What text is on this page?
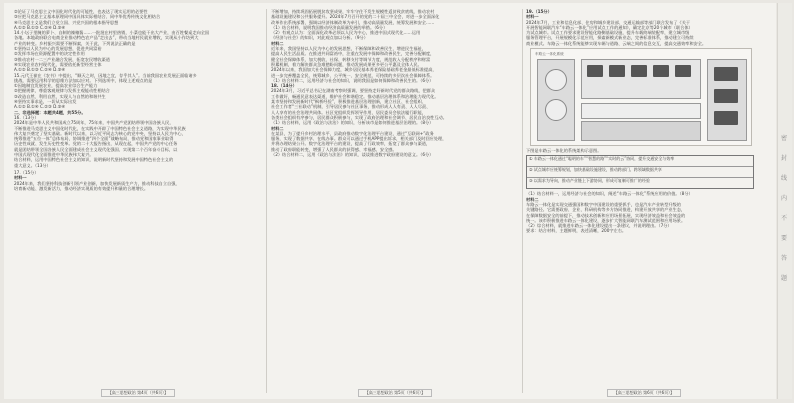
②论证了马克思主义中国化时代化的可能性，也表达了现实运用的必要性
③应把马克思主义基本原理同中国具体实际相结合、同中华优秀传统文化相结合
④马克思主义是我们立党立国、兴党兴国的根本指导思想
A.①② B.①③ C.②④ D.③④
14.小坛子里腌的萝卜、自制的辣椒酱……一批批在村里热销，小菜也能干出大产业，由百姓餐桌走向全国
各地。本地政府联合电商企业推动特色农产品“走出去”，带动当地村民就业增收，实现从小作坊到大
产业的转变。乡村振兴需要不断探索，关于此，下列说法正确的是
①坚持以人民为中心的发展思想，促进共同富裕
②发挥市场在资源配置中的决定性作用
③推动农村一二三产业融合发展，拓宽农民增收渠道
④实现农业农村现代化，需要依托新型经营主体
A.①② B.①③ C.②④ D.③④
15.元代王祯在《农书》中提出，“顺天之时，因地之宜，存乎其人”。当前我国农业发展正面临诸多
挑战，需要运用科学的思维方法加以应对。下列选项中，体现上述观点的是
①因地制宜发展农业，提高农业综合生产能力
②把握规律，尊重客观规律与发挥主观能动性相结合
③改造自然、利用自然，实现人与自然的和谐共生
④坚持实事求是，一切从实际出发
A.①② B.①④ C.②③ D.③④
二、非选择题：本题共4题，共55分。
16.（13分）
2024年是中华人民共和国成立75周年，75年来，中国共产党团结带领中国各族人民，
不断推进马克思主义中国化时代化，在实践中开辟了中国特色社会主义道路，为实现中华民族
伟大复兴奠定了坚实基础。新时代以来，以习近平同志为核心的党中央，坚持以人民为中心，
统筹推进“五位一体”总体布局，协调推进“四个全面”战略布局，推动党和国家事业取得
历史性成就、发生历史性变革。党的二十大报告指出，从现在起，中国共产党的中心任务
就是团结带领全国各族人民全面建成社会主义现代化强国、实现第二个百年奋斗目标，以
中国式现代化全面推进中华民族伟大复兴。
结合材料，运用中国特色社会主义的知识，说明新时代坚持和发展中国特色社会主义的
重大意义。（13分）
17.（15分）
材料一
2024年来，我们坚持科技创新引领产业创新，加快发展新质生产力，推动科技自立自强，
培育新动能、激发新活力，推动经济实现质的有效提升和量的合理增长。
不断增加，持续巩固拓展脱贫攻坚成果，牢牢守住不发生规模性返贫致贫底线，推动农村
基础设施建设和公共服务提升。2024年7月召开的党的二十届三中全会，对进一步全面深化
改革作出系统部署，强调以经济体制改革为牵引，推动高质量发展，统筹发展和安全……
（1）结合材料，说明我国推动经济高质量发展的举措。（6分）
（2）有观点认为：全面深化改革必须以人民为中心，推进中国式现代化……运用
《经济与社会》的知识，对此观点加以分析。（9分）
材料二
近年来，我国坚持以人民为中心的发展思想，不断保障和改善民生，增进民生福祉，
提高人民生活品质。在推进共同富裕中，注重在发展中保障和改善民生，完善分配制度，
健全社会保障体系，加大税收、社保、转移支付等调节力度，规范收入分配秩序和财富
积累机制，着力解决群众急难愁盼问题，推动发展成果更多更公平惠及全体人民。
2024年以来，我国加大社会保障力度，城乡居民基本养老保险基础养老金最低标准提高，
进一步完善覆盖全民、统筹城乡、公平统一、安全规范、可持续的多层次社会保障体系。
（1）结合材料二，运用经济与社会的知识，说明我国是如何保障和改善民生的。（6分）
18.（14分）
2024年3月，习近平总书记在湖南考察时强调，要坚持走好新时代党的群众路线，把群众
工作做好，畅通民意表达渠道，维护社会和谐稳定。推动基层治理体系和治理能力现代化。
某市坚持和发展新时代“枫桥经验”，积极推进基层治理创新，建立社区、社会组织、
社会工作者“三社联动”机制，引导居民参与社区事务，推动形成人人有责、人人尽责、
人人享有的社会治理共同体。社区党组织发挥领导作用，居民委员会依法履行职能，
各类社会组织有序参与，居民群众积极参与，实现了政府治理和社会调节、居民自治良性互动。
（1）结合材料，运用《政治与法治》的知识，分析该市是如何推进基层治理的。（8分）
材料二
在某县，为了提升乡村治理水平，县政府推动数字化治理平台建设，通过“互联网+”政务
服务，实现了数据共享、在线办事。群众可以通过手机APP提出诉求，相关部门及时回应处理，
并将办理结果公开。数字化治理平台的建设，提高了行政效率，拓宽了群众参与渠道，
推动了政府职能转变，增强了人民群众的获得感、幸福感、安全感。
（2）结合材料二，运用《政治与法治》的知识，谈谈推进数字政府建设的意义。（6分）
19.（15分）
材料一
2024年7月，工业和信息化部、住房和城乡建设部、交通运输部等部门联合发布了《关于
开展智能网联汽车“车路云一体化”应用试点工作的通知》，确定北京等20个城市（联合体）
为试点城市。试点工作要求建设智能化路侧基础设施，提升车载终端装配率，建立城市级
服务管理平台，开展规模化示范应用，探索新模式新业态，完善标准体系，推动建立可持续
商业模式。车路云一体化系统能够实现车辆与道路、云端之间的信息交互，提高交通效率和安全。
车路云一体化系统
下图是车路云一体化的系统架构示意图。
① 车路云一体化通过“聪明的车”“智慧的路”“实时的云”协同，提升交通安全与效率
② 试点城市应统筹规划，加快基础设施建设，推动跨部门、跨领域数据共享
③ 以需求为导向，推动产业链上下游协同，形成可复制可推广的经验
（1）结合材料一，运用经济与社会的知识，阐述“车路云一体化”系统应用的价值。（8分）
材料二
车路云一体化是实现交通强国和数字中国建设的重要抓手，也是汽车产业转型升级的
关键路径。它需要政府、企业、科研机构等多方协同推进，构建开放共享的产业生态，
在保障数据安全的前提下，推动技术创新和应用场景拓展，实现经济效益和社会效益的
统一。该市积极推进车路云一体化建设，逐步扩大智能网联汽车测试范围和应用场景。
（2）综合材料，就推进车路云一体化建设提出一条建议，并说明理由。（7分）
要求：结合材料，主题鲜明，表述清晰，200字左右。
【高三思想政治 第4页（共6页）】	【高三思想政治 第5页（共6页）】	【高三思想政治 第6页（共6页）】
密
封
线
内
不
要
答
题
